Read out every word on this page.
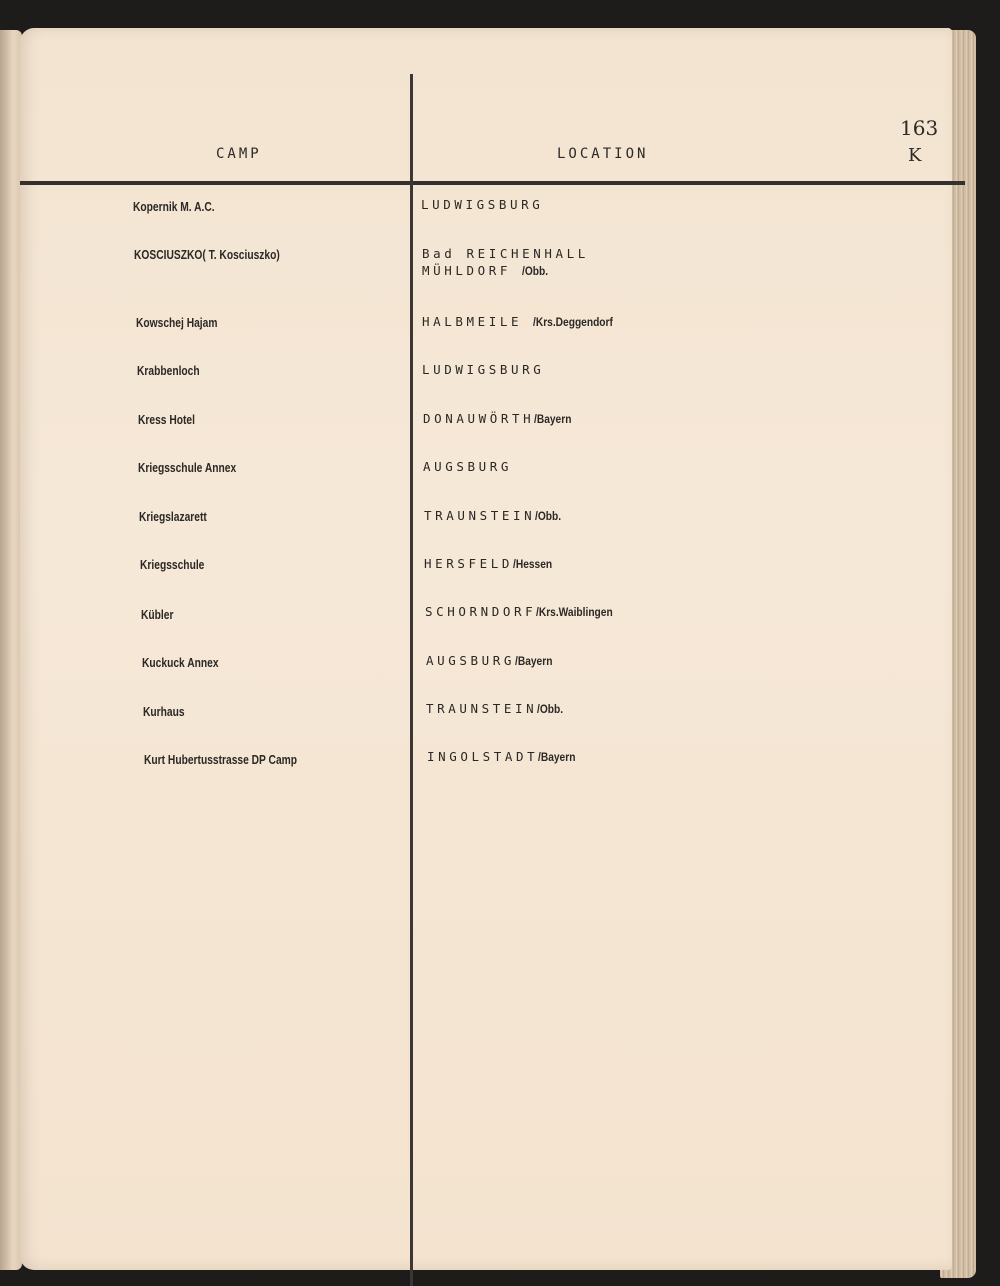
CAMP	LOCATION
163
K
Kopernik M. A.C.	LUDWIGSBURG
KOSCIUSZKO( T. Kosciuszko)	Bad REICHENHALL
MÜHLDORF /Obb.
Kowschej Hajam	HALBMEILE /Krs.Deggendorf
Krabbenloch	LUDWIGSBURG
Kress Hotel	DONAUWÖRTH/Bayern
Kriegsschule Annex	AUGSBURG
Kriegslazarett	TRAUNSTEIN/Obb.
Kriegsschule	HERSFELD/Hessen
Kübler	SCHORNDORF/Krs.Waiblingen
Kuckuck Annex	AUGSBURG/Bayern
Kurhaus	TRAUNSTEIN/Obb.
Kurt Hubertusstrasse DP Camp	INGOLSTADT/Bayern
